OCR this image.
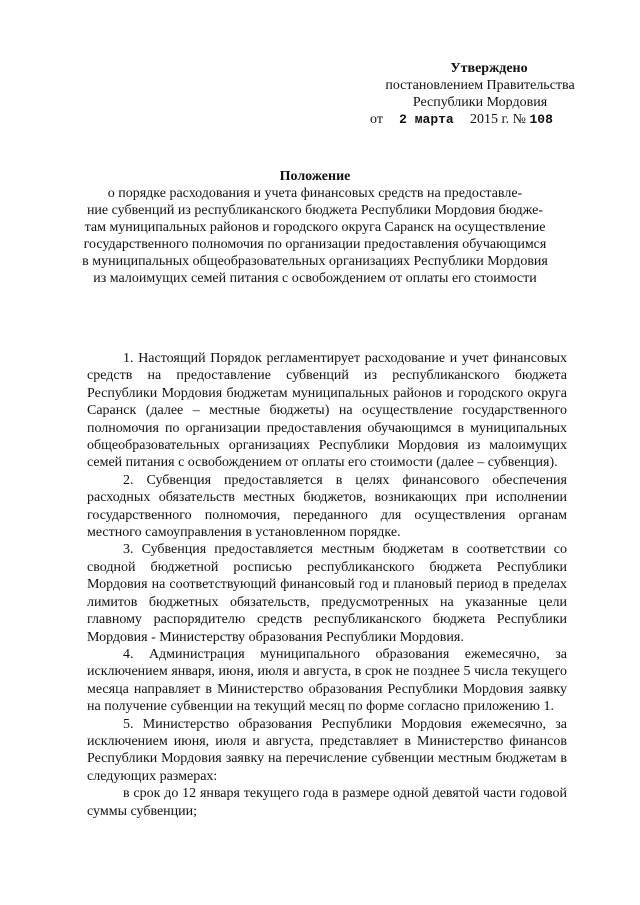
Утверждено
постановлением Правительства
Республики Мордовия
от 2 марта 2015 г. № 108
Положение
о порядке расходования и учета финансовых средств на предоставле-
ние субвенций из республиканского бюджета Республики Мордовия бюдже-
там муниципальных районов и городского округа Саранск на осуществление
государственного полномочия по организации предоставления обучающимся
в муниципальных общеобразовательных организациях Республики Мордовия
из малоимущих семей питания с освобождением от оплаты его стоимости

1. Настоящий Порядок регламентирует расходование и учет финансовых средств на предоставление субвенций из республиканского бюджета Республики Мордовия бюджетам муниципальных районов и городского округа Саранск (далее – местные бюджеты) на осуществление государственного полномочия по организации предоставления обучающимся в муниципальных общеобразовательных организациях Республики Мордовия из малоимущих семей питания с освобождением от оплаты его стоимости (далее – субвенция).

2. Субвенция предоставляется в целях финансового обеспечения расходных обязательств местных бюджетов, возникающих при исполнении государственного полномочия, переданного для осуществления органам местного самоуправления в установленном порядке.

3. Субвенция предоставляется местным бюджетам в соответствии со сводной бюджетной росписью республиканского бюджета Республики Мордовия на соответствующий финансовый год и плановый период в пределах лимитов бюджетных обязательств, предусмотренных на указанные цели главному распорядителю средств республиканского бюджета Республики Мордовия - Министерству образования Республики Мордовия.

4. Администрация муниципального образования ежемесячно, за исключением января, июня, июля и августа, в срок не позднее 5 числа текущего месяца направляет в Министерство образования Республики Мордовия заявку на получение субвенции на текущий месяц по форме согласно приложению 1.

5. Министерство образования Республики Мордовия ежемесячно, за исключением июня, июля и августа, представляет в Министерство финансов Республики Мордовия заявку на перечисление субвенции местным бюджетам в следующих размерах:

в срок до 12 января текущего года в размере одной девятой части годовой суммы субвенции;
